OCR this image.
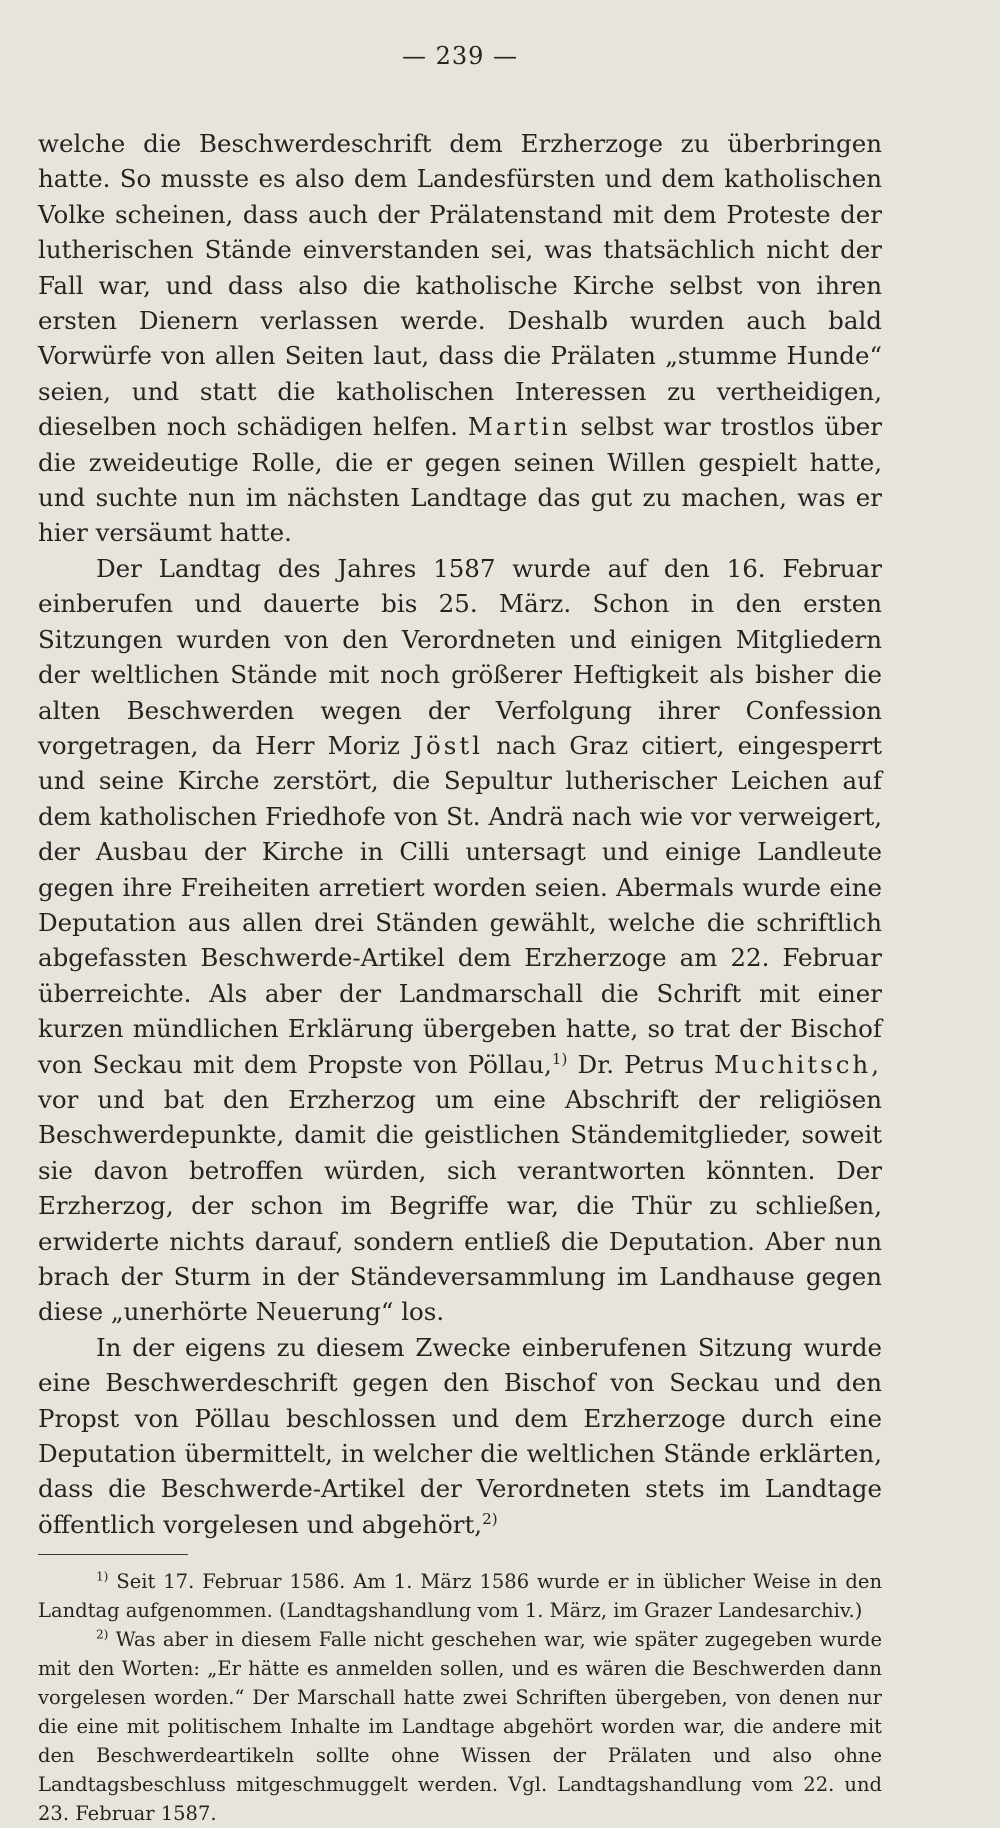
— 239 —

welche die Beschwerdeschrift dem Erzherzoge zu überbringen hatte. So musste es also dem Landesfürsten und dem katholischen Volke scheinen, dass auch der Prälatenstand mit dem Proteste der lutherischen Stände einverstanden sei, was thatsächlich nicht der Fall war, und dass also die katholische Kirche selbst von ihren ersten Dienern verlassen werde. Deshalb wurden auch bald Vorwürfe von allen Seiten laut, dass die Prälaten „stumme Hunde“ seien, und statt die katholischen Interessen zu vertheidigen, dieselben noch schädigen helfen. Martin selbst war trostlos über die zweideutige Rolle, die er gegen seinen Willen gespielt hatte, und suchte nun im nächsten Landtage das gut zu machen, was er hier versäumt hatte.

Der Landtag des Jahres 1587 wurde auf den 16. Februar einberufen und dauerte bis 25. März. Schon in den ersten Sitzungen wurden von den Verordneten und einigen Mitgliedern der weltlichen Stände mit noch größerer Heftigkeit als bisher die alten Beschwerden wegen der Verfolgung ihrer Confession vorgetragen, da Herr Moriz Jöstl nach Graz citiert, eingesperrt und seine Kirche zerstört, die Sepultur lutherischer Leichen auf dem katholischen Friedhofe von St. Andrä nach wie vor verweigert, der Ausbau der Kirche in Cilli untersagt und einige Landleute gegen ihre Freiheiten arretiert worden seien. Abermals wurde eine Deputation aus allen drei Ständen gewählt, welche die schriftlich abgefassten Beschwerde-Artikel dem Erzherzoge am 22. Februar überreichte. Als aber der Landmarschall die Schrift mit einer kurzen mündlichen Erklärung übergeben hatte, so trat der Bischof von Seckau mit dem Propste von Pöllau,$^{1)}$ Dr. Petrus Muchitsch, vor und bat den Erzherzog um eine Abschrift der religiösen Beschwerdepunkte, damit die geistlichen Ständemitglieder, soweit sie davon betroffen würden, sich verantworten könnten. Der Erzherzog, der schon im Begriffe war, die Thür zu schließen, erwiderte nichts darauf, sondern entließ die Deputation. Aber nun brach der Sturm in der Ständeversammlung im Landhause gegen diese „unerhörte Neuerung“ los.

In der eigens zu diesem Zwecke einberufenen Sitzung wurde eine Beschwerdeschrift gegen den Bischof von Seckau und den Propst von Pöllau beschlossen und dem Erzherzoge durch eine Deputation übermittelt, in welcher die weltlichen Stände erklärten, dass die Beschwerde-Artikel der Verordneten stets im Landtage öffentlich vorgelesen und abgehört,$^{2)}$

$^{1)}$ Seit 17. Februar 1586. Am 1. März 1586 wurde er in üblicher Weise in den Landtag aufgenommen. (Landtagshandlung vom 1. März, im Grazer Landesarchiv.)

$^{2)}$ Was aber in diesem Falle nicht geschehen war, wie später zugegeben wurde mit den Worten: „Er hätte es anmelden sollen, und es wären die Beschwerden dann vorgelesen worden.“ Der Marschall hatte zwei Schriften übergeben, von denen nur die eine mit politischem Inhalte im Landtage abgehört worden war, die andere mit den Beschwerdeartikeln sollte ohne Wissen der Prälaten und also ohne Landtagsbeschluss mitgeschmuggelt werden. Vgl. Landtagshandlung vom 22. und 23. Februar 1587.
